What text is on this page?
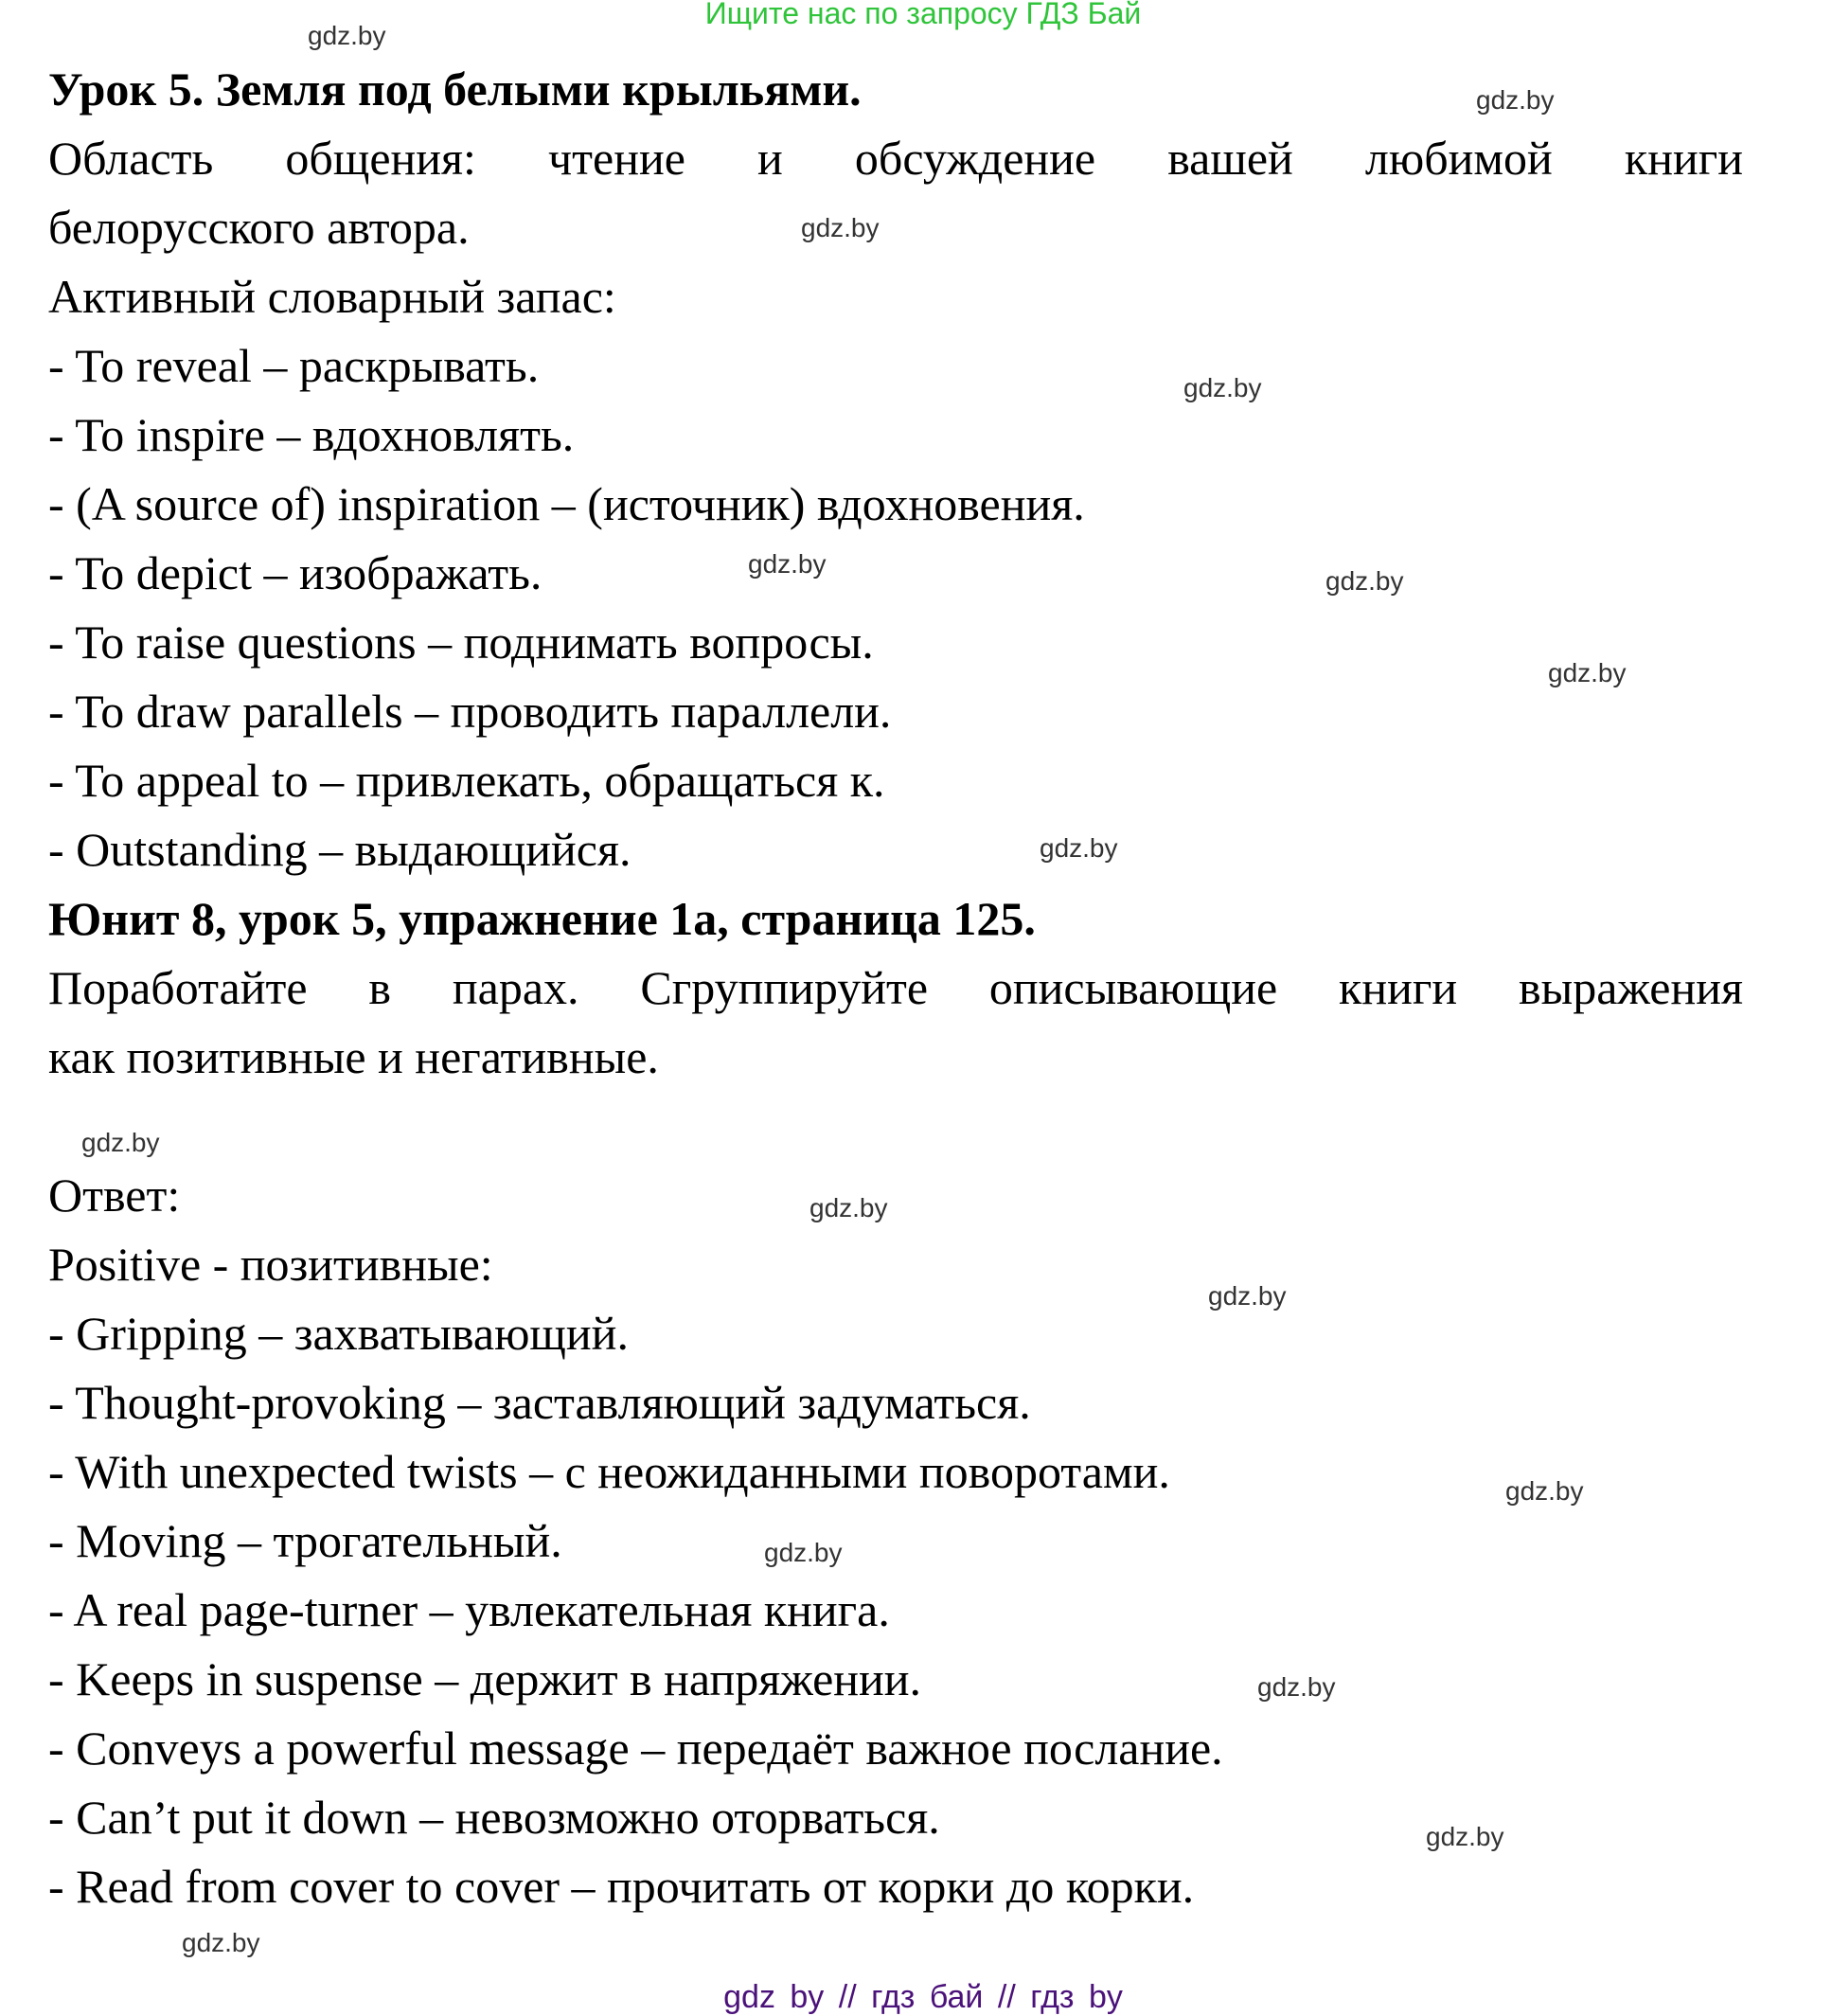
Ищите нас по запросу ГДЗ Бай
Урок 5. Земля под белыми крыльями.
Область общения: чтение и обсуждение вашей любимой книги
белорусского автора.
Активный словарный запас:
- To reveal – раскрывать.
- To inspire – вдохновлять.
- (A source of) inspiration – (источник) вдохновения.
- To depict – изображать.
- To raise questions – поднимать вопросы.
- To draw parallels – проводить параллели.
- To appeal to – привлекать, обращаться к.
- Outstanding – выдающийся.
Юнит 8, урок 5, упражнение 1а, страница 125.
Поработайте в парах. Сгруппируйте описывающие книги выражения
как позитивные и негативные.
Ответ:
Positive - позитивные:
- Gripping – захватывающий.
- Thought-provoking – заставляющий задуматься.
- With unexpected twists – с неожиданными поворотами.
- Moving – трогательный.
- A real page-turner – увлекательная книга.
- Keeps in suspense – держит в напряжении.
- Conveys a powerful message – передаёт важное послание.
- Can’t put it down – невозможно оторваться.
- Read from cover to cover – прочитать от корки до корки.
gdz.by
gdz.by
gdz.by
gdz.by
gdz.by
gdz.by
gdz.by
gdz.by
gdz.by
gdz.by
gdz.by
gdz.by
gdz.by
gdz.by
gdz.by
gdz.by
gdz by // гдз бай // гдз by
